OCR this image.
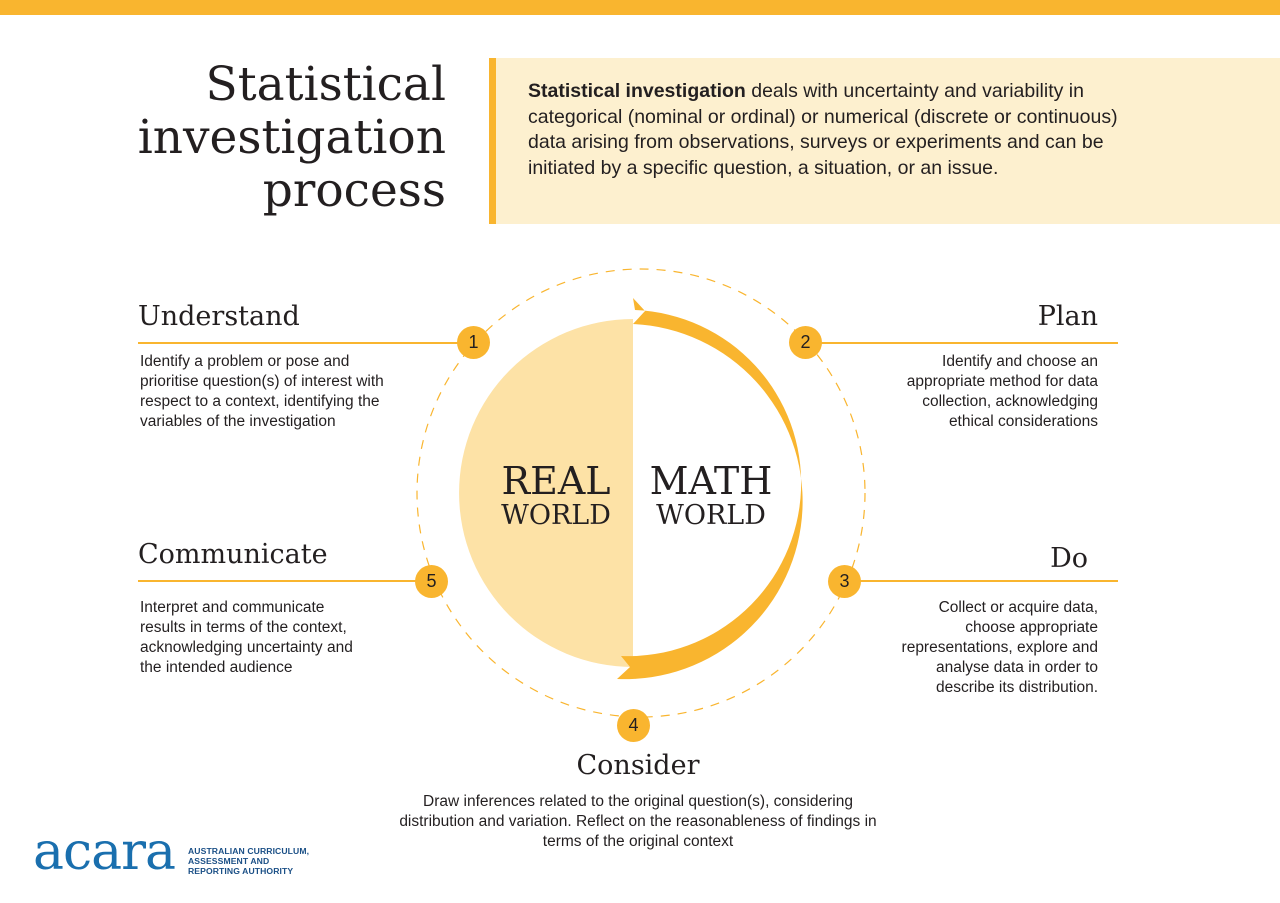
Statistical
investigation
process
Statistical investigation deals with uncertainty and variability in categorical (nominal or ordinal) or numerical (discrete or continuous) data arising from observations, surveys or experiments and can be initiated by a specific question, a situation, or an issue.
REAL
WORLD
MATH
WORLD
Understand
1

Identify a problem or pose and prioritise question(s) of interest with respect to a context, identifying the variables of the investigation

Plan
2

Identify and choose an appropriate method for data collection, acknowledging ethical considerations

Do
3

Collect or acquire data, choose appropriate representations, explore and analyse data in order to describe its distribution.

4
Consider

Draw inferences related to the original question(s), considering distribution and variation. Reflect on the reasonableness of findings in terms of the original context

Communicate
5

Interpret and communicate results in terms of the context, acknowledging uncertainty and the intended audience

acara AUSTRALIAN CURRICULUM,
ASSESSMENT AND
REPORTING AUTHORITY
